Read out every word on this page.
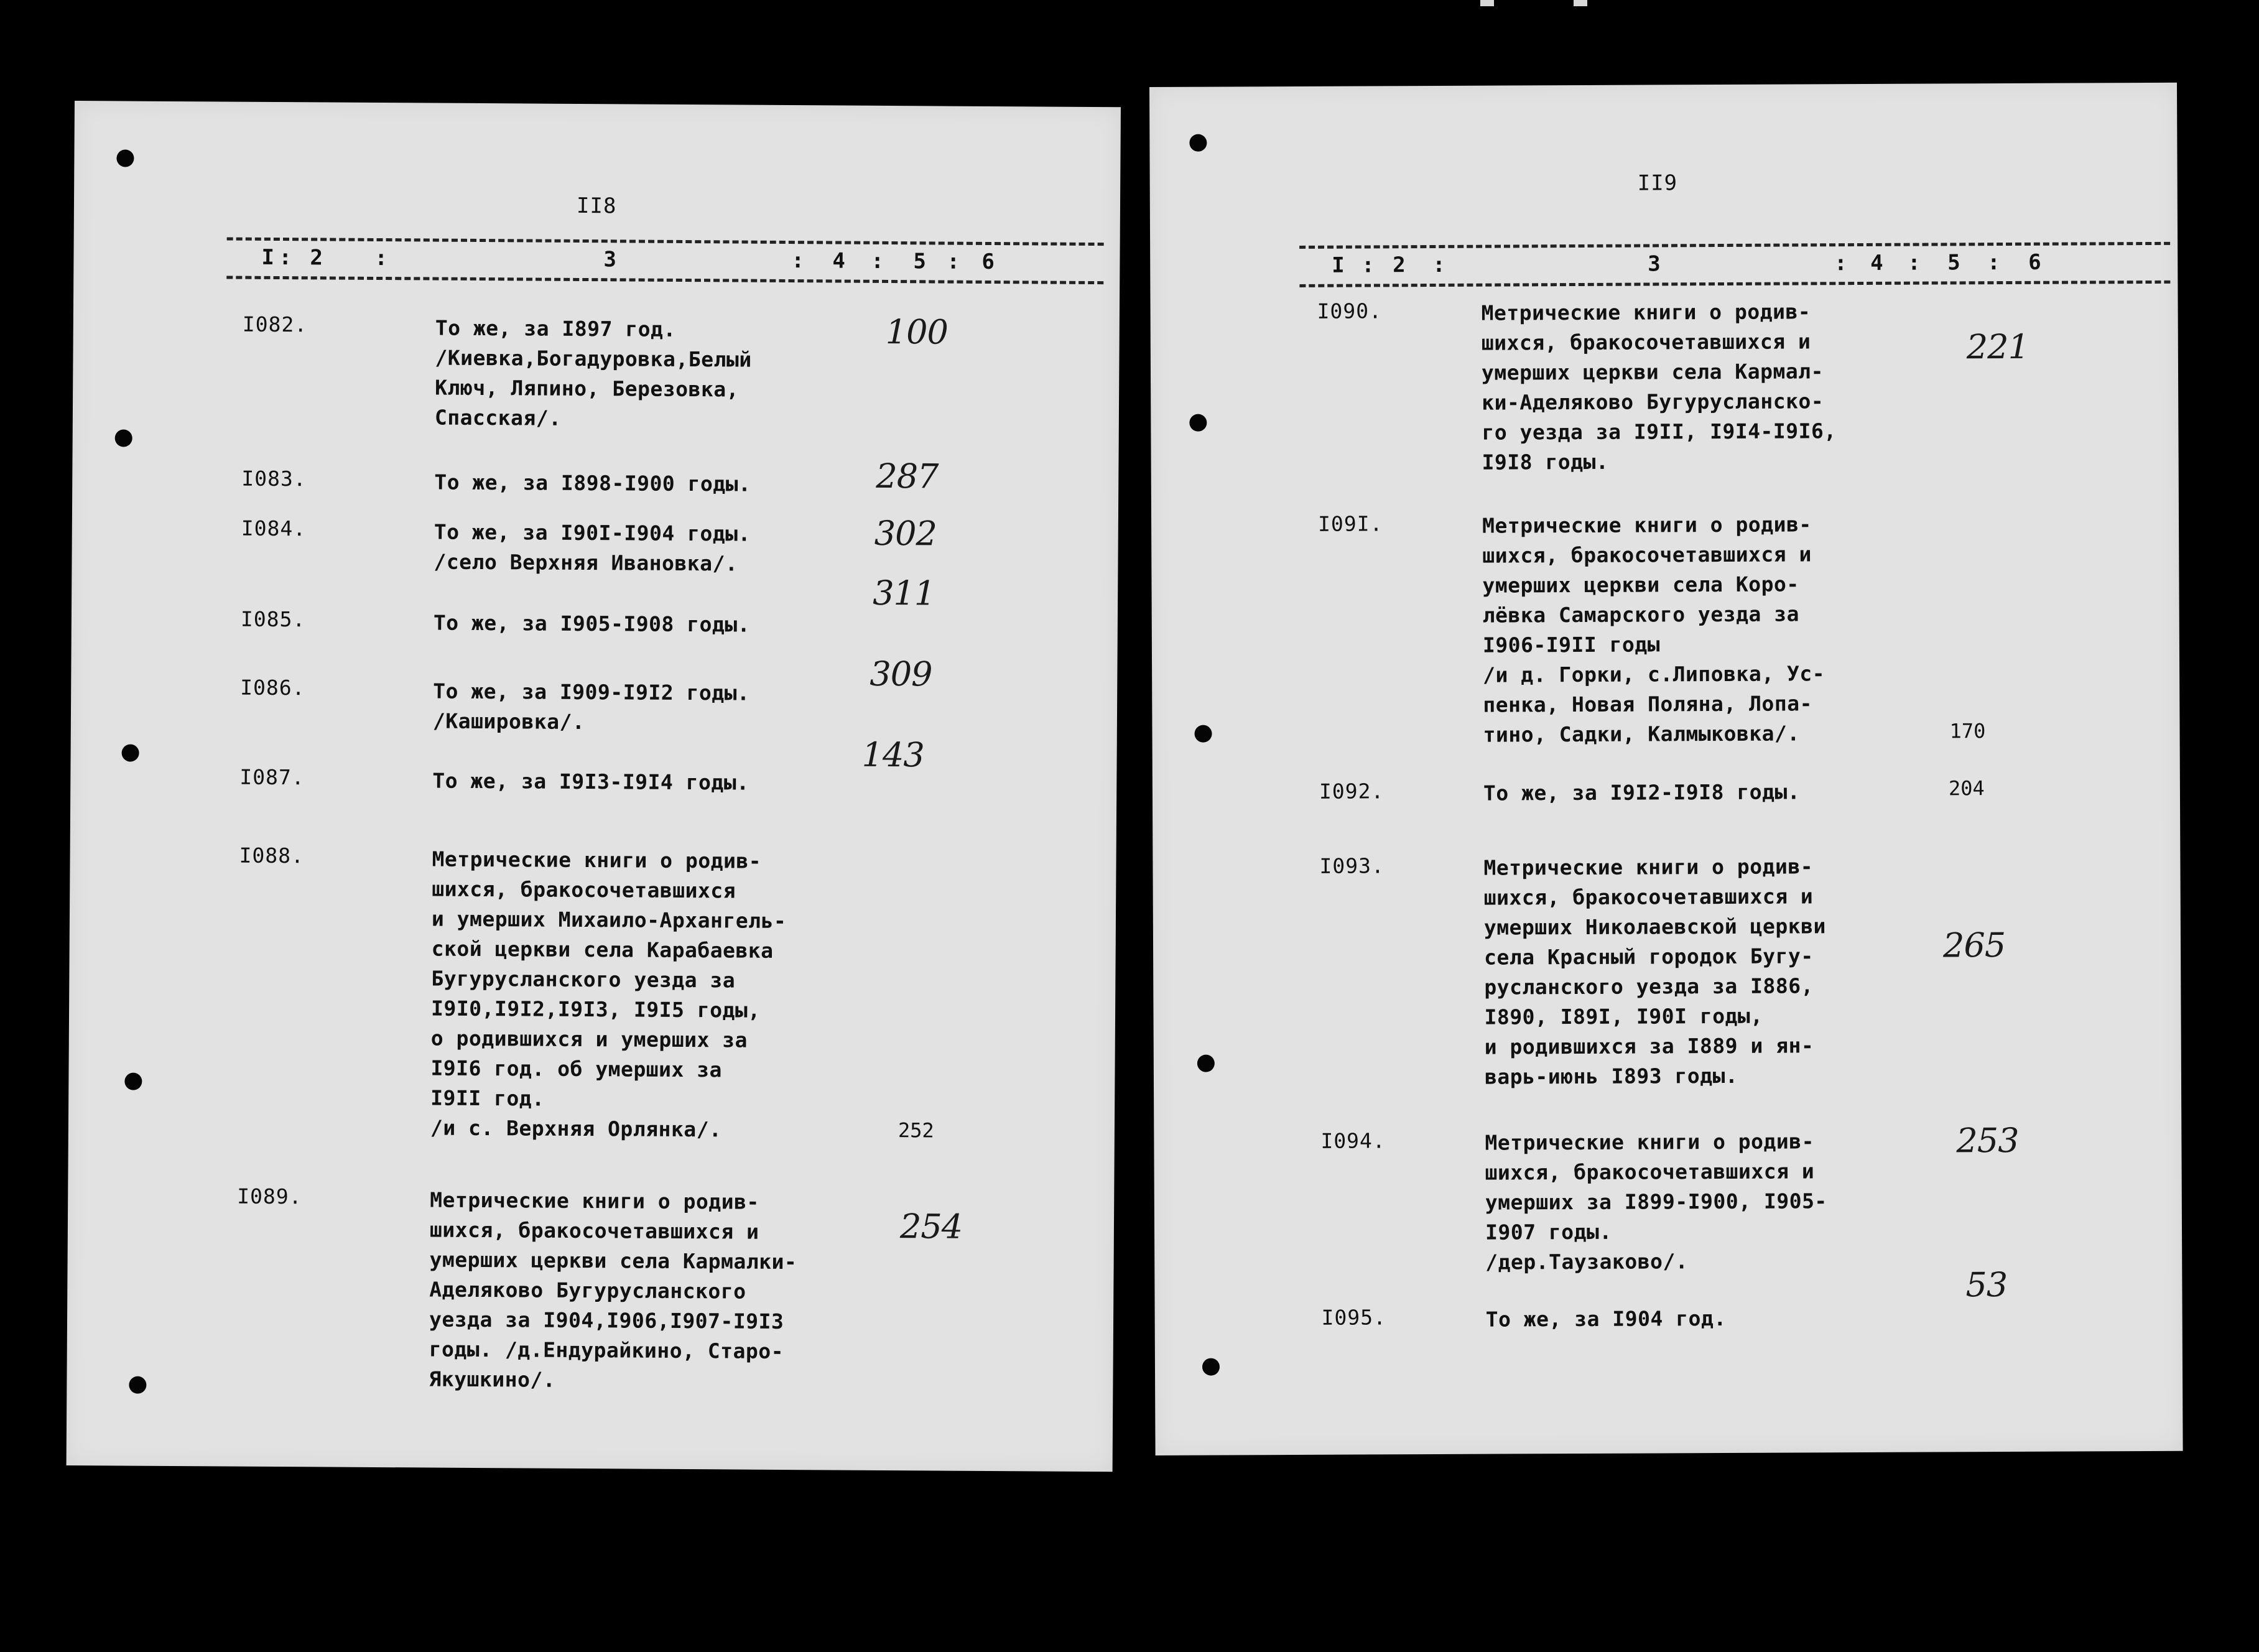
II8
I : 2 :	3	: 4 : 5 : 6
I082.	То же, за I897 год.
/Киевка,Богадуровка,Белый
Ключ, Ляпино, Березовка,
Спасская/.
100
I083.	То же, за I898-I900 годы.	287
I084.	То же, за I90I-I904 годы.
/село Верхняя Ивановка/.
302
I085.	То же, за I905-I908 годы.
311
I086.	То же, за I909-I9I2 годы.
/Кашировка/.
309
I087.	То же, за I9I3-I9I4 годы.
143
I088.	Метрические книги о родив-
шихся, бракосочетавшихся
и умерших Михаило-Архангель-
ской церкви села Карабаевка
Бугурусланского уезда за
I9I0,I9I2,I9I3, I9I5 годы,
о родившихся и умерших за
I9I6 год. об умерших за
I9II год.
/и с. Верхняя Орлянка/.	252
I089.	Метрические книги о родив-
шихся, бракосочетавшихся и
умерших церкви села Кармалки-
Аделяково Бугурусланского
уезда за I904,I906,I907-I9I3
годы. /д.Ендурайкино, Старо-
Якушкино/.
254
II9
I : 2 :	3	: 4 : 5 : 6
I090.	Метрические книги о родив-
шихся, бракосочетавшихся и
умерших церкви села Кармал-
ки-Аделяково Бугурусланско-
го уезда за I9II, I9I4-I9I6,
I9I8 годы.
221
I09I.	Метрические книги о родив-
шихся, бракосочетавшихся и
умерших церкви села Коро-
лёвка Самарского уезда за
I906-I9II годы
/и д. Горки, с.Липовка, Ус-
пенка, Новая Поляна, Лопа-
тино, Садки, Калмыковка/.	170
I092.	То же, за I9I2-I9I8 годы.	204
I093.	Метрические книги о родив-
шихся, бракосочетавшихся и
умерших Николаевской церкви
села Красный городок Бугу-
русланского уезда за I886,
I890, I89I, I90I годы,
и родившихся за I889 и ян-
варь-июнь I893 годы.
265
I094.	Метрические книги о родив-
шихся, бракосочетавшихся и
умерших за I899-I900, I905-
I907 годы.
/дер.Таузаково/.
253
I095.	То же, за I904 год.
53
